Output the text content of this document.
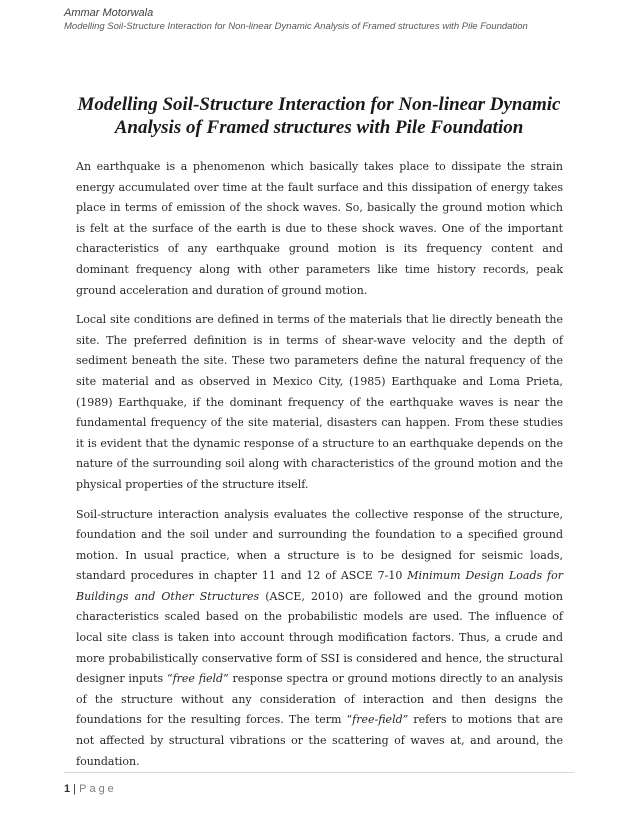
Ammar Motorwala
Modelling Soil-Structure Interaction for Non-linear Dynamic Analysis of Framed structures with Pile Foundation
Modelling Soil-Structure Interaction for Non-linear Dynamic
Analysis of Framed structures with Pile Foundation

An earthquake is a phenomenon which basically takes place to dissipate the strain energy accumulated over time at the fault surface and this dissipation of energy takes place in terms of emission of the shock waves. So, basically the ground motion which is felt at the surface of the earth is due to these shock waves. One of the important characteristics of any earthquake ground motion is its frequency content and dominant frequency along with other parameters like time history records, peak ground acceleration and duration of ground motion.

Local site conditions are defined in terms of the materials that lie directly beneath the site. The preferred definition is in terms of shear-wave velocity and the depth of sediment beneath the site. These two parameters define the natural frequency of the site material and as observed in Mexico City, (1985) Earthquake and Loma Prieta, (1989) Earthquake, if the dominant frequency of the earthquake waves is near the fundamental frequency of the site material, disasters can happen. From these studies it is evident that the dynamic response of a structure to an earthquake depends on the nature of the surrounding soil along with characteristics of the ground motion and the physical properties of the structure itself.

Soil-structure interaction analysis evaluates the collective response of the structure, foundation and the soil under and surrounding the foundation to a specified ground motion. In usual practice, when a structure is to be designed for seismic loads, standard procedures in chapter 11 and 12 of ASCE 7-10 Minimum Design Loads for Buildings and Other Structures (ASCE, 2010) are followed and the ground motion characteristics scaled based on the probabilistic models are used. The influence of local site class is taken into account through modification factors. Thus, a crude and more probabilistically conservative form of SSI is considered and hence, the structural designer inputs “free field” response spectra or ground motions directly to an analysis of the structure without any consideration of interaction and then designs the foundations for the resulting forces. The term “free-field” refers to motions that are not affected by structural vibrations or the scattering of waves at, and around, the foundation.

1 | Page
